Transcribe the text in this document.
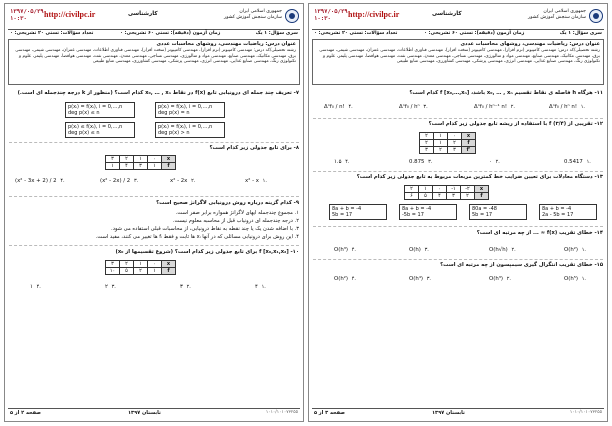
۱۳۹۷/۰۵/۲۹
۱۰:۳۰	http://civilpc.ir	کارشناسی	جمهوری اسلامی ایران
سازمان سنجش آموزش کشور
تعداد سؤالات: تستی ۲۰ تشریحی: ۰	زمان آزمون (دقیقه): تستی ۶۰ تشریحی: ۰	سری سؤال: ۱ یک
عنوان درس: ریاضیات مهندسی، روشهای محاسبات عددی
رشته تحصیلی/کد درس: مهندسی کامپیوتر (نرم افزار)، مهندسی کامپیوتر (سخت افزار)، مهندسی فناوری اطلاعات، مهندسی عمران، مهندسی شیمی، مهندسی برق، مهندسی مکانیک، مهندسی صنایع، مهندسی مواد و متالورژی، مهندسی نساجی، مهندسی معدن، مهندسی نفت، مهندسی هوافضا، مهندسی پلیمر، علوم و تکنولوژی رنگ، مهندسی صنایع غذایی، مهندسی انرژی، مهندسی پزشکی، مهندسی کشاورزی، مهندسی منابع طبیعی
۷- تعریف چند جمله ای درونیابی تابع f(x) در نقاط x₀, … , xₙ کدام است؟ (منظور از k درجه چندجمله ای است.)
p(xᵢ) = f(xᵢ), i = 0,…,n
deg p(x) = n
p(xᵢ) = f(xᵢ), i = 0,…,n
deg p(x) ≤ n
p(xᵢ) = f(xᵢ), i = 0,…,n
deg p(x) > n
p(xᵢ) ≤ f(xᵢ), i = 0,…,n
deg p(x) ≤ n
۸- برای تابع جدولی زیر کدام است؟
۳	۲	۱	۰	x
۱	۴	۳	۱	f
x² - x ۱.
x² - 2x ۲.
(x² - 2x) / 2 ۳.
(x² - 3x + 2) / 2 ۴.
۹- کدام گزینه درباره روش درونیابی لاگرانژ صحیح است؟
۱. مجموع چندجمله ایهای لاگرانژ همواره برابر صفر است.
۲. درجه چندجمله ای درونیاب قبل از محاسبه معلوم نیست.
۳. با اضافه شدن یک یا چند نقطه به نقاط درونیابی، از محاسبات قبلی استفاده می شود.
۴. این روش برای درونیابی مسائلی که در آنها xᵢ ها ثابت و فقط fᵢ ها تغییر می کنند، مفید است.
۱۰- [x₀,x₁,x₂] f برای تابع جدولی زیر کدام است؟ (شروع تقسیمها از x₀)
۳	۲	۱	۰	x
۱۰	۵	۲	۱	f
۴ ۱.
۳ ۲.
۲ ۳.
۱ ۴.
صفحه ۲ از ۵	تابستان ۱۳۹۷	۱۰۱۰/۱۰۱۰۷۳۲۵۵
۱۳۹۷/۰۵/۲۹
۱۰:۳۰	http://civilpc.ir	کارشناسی	جمهوری اسلامی ایران
سازمان سنجش آموزش کشور
تعداد سؤالات: تستی ۲۰ تشریحی: ۰	زمان آزمون (دقیقه): تستی ۶۰ تشریحی: ۰	سری سؤال: ۱ یک
عنوان درس: ریاضیات مهندسی، روشهای محاسبات عددی
رشته تحصیلی/کد درس: مهندسی کامپیوتر (نرم افزار)، مهندسی کامپیوتر (سخت افزار)، مهندسی فناوری اطلاعات، مهندسی عمران، مهندسی شیمی، مهندسی برق، مهندسی مکانیک، مهندسی صنایع، مهندسی مواد و متالورژی، مهندسی نساجی، مهندسی معدن، مهندسی نفت، مهندسی هوافضا، مهندسی پلیمر، علوم و تکنولوژی رنگ، مهندسی صنایع غذایی، مهندسی انرژی، مهندسی پزشکی، مهندسی کشاورزی، مهندسی منابع طبیعی
۱۱- هرگاه h فاصله ی نقاط تقسیم x₀, … , xₙ باشد، [x₀,…,xₙ] f کدام است؟
Δⁿf₀ / hⁿ n! ۱.
Δⁿf₀ / hⁿ⁻¹ n! ۲.
Δⁿf₀ / hⁿ ۳.
Δⁿf₀ / n! ۴.
۱۲- تقریبی از (۳/۴) f با استفاده از ریشه تابع جدولی زیر کدام است؟
۲	۱	۰	x
۲	۱	۲	f
۳	۲	۳	f'
0.5417 ۱.
۰ ۲.
0.875 ۳.
۱.۵ ۴.
۱۳- دستگاه معادلات برای تعیین ضرایب خط کمترین مربعات مربوط به تابع جدولی زیر کدام است؟
۲	۱	۰	-۱	-۲	x
۶	۵	۴	۳	۲	f
8a + b = -4
2a - 5b = 17
80a = -48
5b = 17
8a + b = -4
-5b = 17
8a + b = -4
5b = 17
۱۴- خطای تقریب f(x) ≈ ... از چه مرتبه ای است؟
O(h²) ۱.
O(h√h) ۲.
O(h) ۳.
O(h³) ۴.
۱۵- خطای تقریب انتگرال گیری سیمپسون از چه مرتبه ای است؟
O(h⁵) ۱.
O(h³) ۲.
O(h⁴) ۳.
O(h²) ۴.
صفحه ۳ از ۵	تابستان ۱۳۹۷	۱۰۱۰/۱۰۱۰۷۳۲۵۵
